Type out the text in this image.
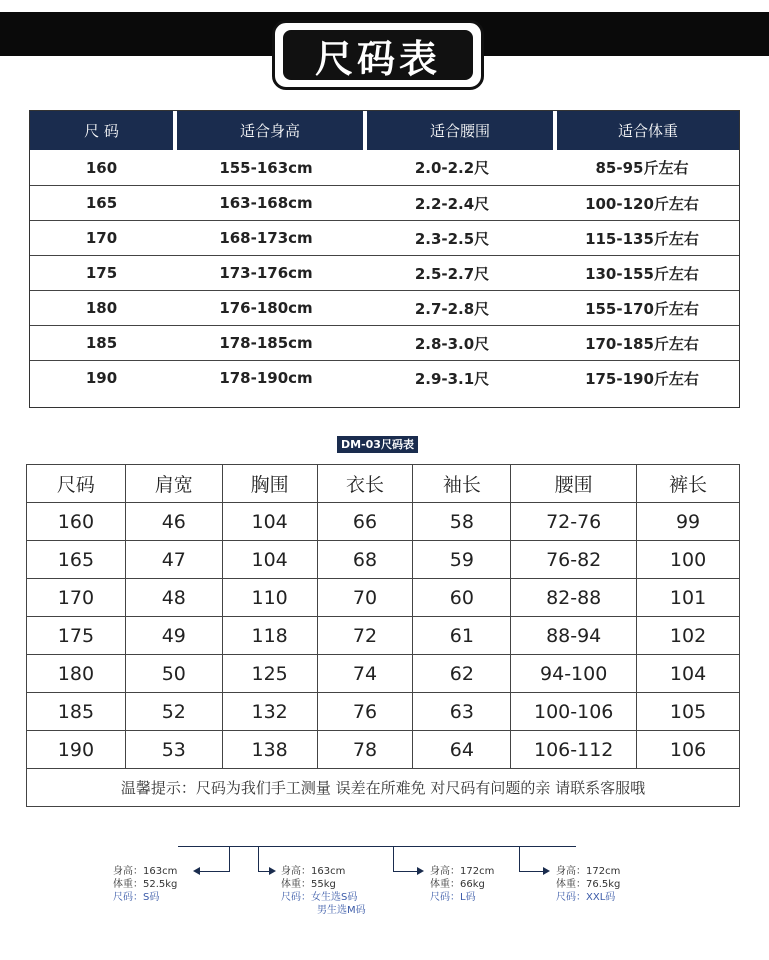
尺码表
尺 码	适合身高	适合腰围	适合体重
160	155-163cm	2.0-2.2尺	85-95斤左右
165	163-168cm	2.2-2.4尺	100-120斤左右
170	168-173cm	2.3-2.5尺	115-135斤左右
175	173-176cm	2.5-2.7尺	130-155斤左右
180	176-180cm	2.7-2.8尺	155-170斤左右
185	178-185cm	2.8-3.0尺	170-185斤左右
190	178-190cm	2.9-3.1尺	175-190斤左右
DM-03尺码表
尺码	肩宽	胸围	衣长	袖长	腰围	裤长
160	46	104	66	58	72-76	99
165	47	104	68	59	76-82	100
170	48	110	70	60	82-88	101
175	49	118	72	61	88-94	102
180	50	125	74	62	94-100	104
185	52	132	76	63	100-106	105
190	53	138	78	64	106-112	106
温馨提示：尺码为我们手工测量 误差在所难免 对尺码有问题的亲 请联系客服哦						
身高：163cm
体重：52.5kg
尺码：S码
身高：163cm
体重：55kg
尺码：女生选S码
男生选M码
身高：172cm
体重：66kg
尺码：L码
身高：172cm
体重：76.5kg
尺码：XXL码
